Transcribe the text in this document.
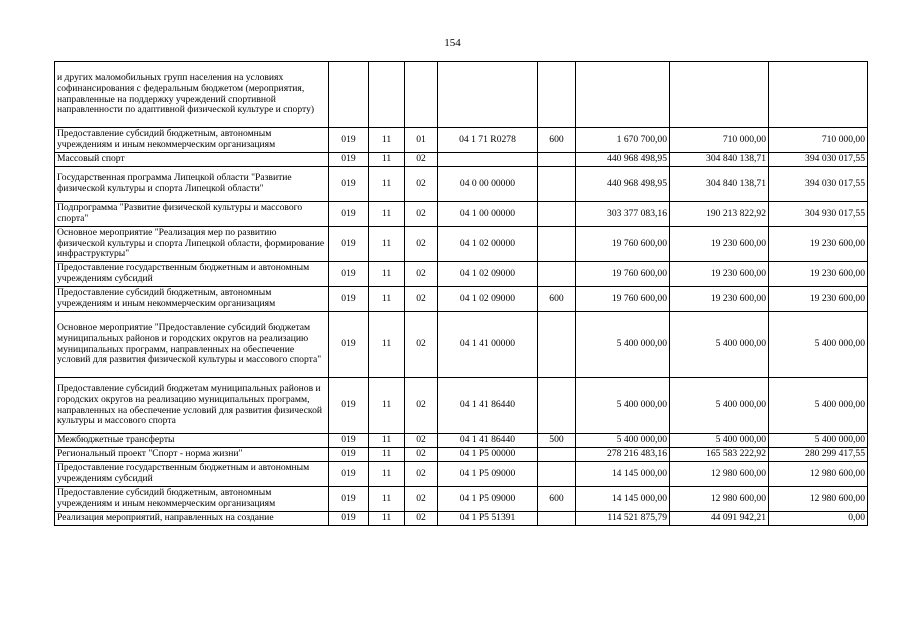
154
и других маломобильных групп населения на условиях софинансирования с федеральным бюджетом (мероприятия, направленные на поддержку учреждений спортивной направленности по адаптивной физической культуре и спорту)								
Предоставление субсидий бюджетным, автономным учреждениям и иным некоммерческим организациям	019	11	01	04 1 71 R0278	600	1 670 700,00	710 000,00	710 000,00
Массовый спорт	019	11	02			440 968 498,95	304 840 138,71	394 030 017,55
Государственная программа Липецкой области "Развитие физической культуры и спорта Липецкой области"	019	11	02	04 0 00 00000		440 968 498,95	304 840 138,71	394 030 017,55
Подпрограмма "Развитие физической культуры и массового спорта"	019	11	02	04 1 00 00000		303 377 083,16	190 213 822,92	304 930 017,55
Основное мероприятие "Реализация мер по развитию физической культуры и спорта Липецкой области, формирование инфраструктуры"	019	11	02	04 1 02 00000		19 760 600,00	19 230 600,00	19 230 600,00
Предоставление государственным бюджетным и автономным учреждениям субсидий	019	11	02	04 1 02 09000		19 760 600,00	19 230 600,00	19 230 600,00
Предоставление субсидий бюджетным, автономным учреждениям и иным некоммерческим организациям	019	11	02	04 1 02 09000	600	19 760 600,00	19 230 600,00	19 230 600,00
Основное мероприятие "Предоставление субсидий бюджетам муниципальных районов и городских округов на реализацию муниципальных программ, направленных на обеспечение условий для развития физической культуры и массового спорта"	019	11	02	04 1 41 00000		5 400 000,00	5 400 000,00	5 400 000,00
Предоставление субсидий бюджетам муниципальных районов и городских округов на реализацию муниципальных программ, направленных на обеспечение условий для развития физической культуры и массового спорта	019	11	02	04 1 41 86440		5 400 000,00	5 400 000,00	5 400 000,00
Межбюджетные трансферты	019	11	02	04 1 41 86440	500	5 400 000,00	5 400 000,00	5 400 000,00
Региональный проект "Спорт - норма жизни"	019	11	02	04 1 P5 00000		278 216 483,16	165 583 222,92	280 299 417,55
Предоставление государственным бюджетным и автономным учреждениям субсидий	019	11	02	04 1 P5 09000		14 145 000,00	12 980 600,00	12 980 600,00
Предоставление субсидий бюджетным, автономным учреждениям и иным некоммерческим организациям	019	11	02	04 1 P5 09000	600	14 145 000,00	12 980 600,00	12 980 600,00
Реализация мероприятий, направленных на создание	019	11	02	04 1 P5 51391		114 521 875,79	44 091 942,21	0,00
